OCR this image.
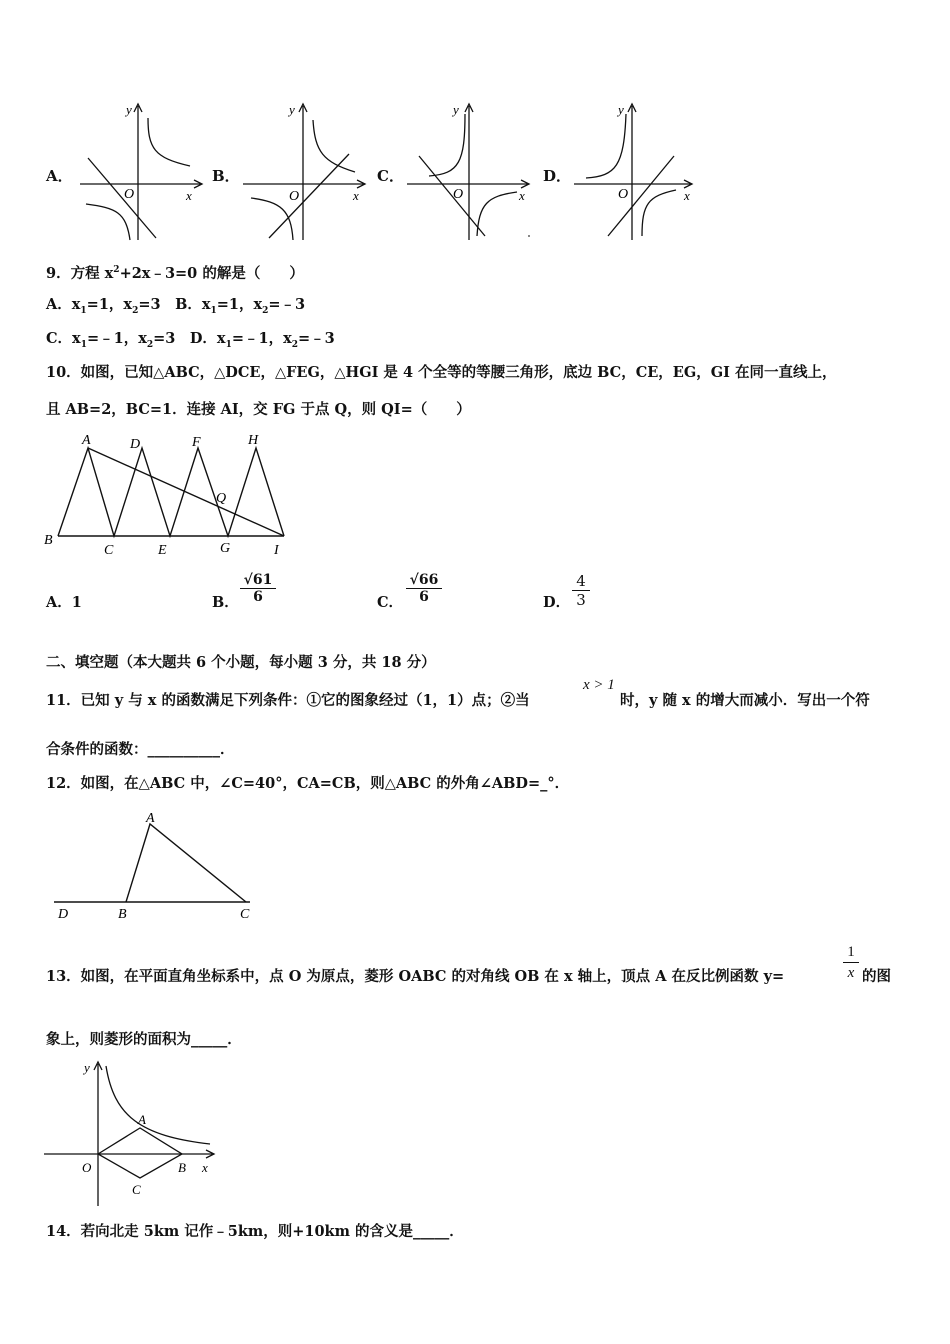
A．	B．	C．	D．
y
x
O
y
x
O
y
x
O
y
x
O
9．方程 $x^2+2x﹣3=0$ 的解是（　　）
A．$x_1=1$，$x_2=3$　B．$x_1=1$，$x_2=﹣3$
C．$x_1=﹣1$，$x_2=3$　D．$x_1=﹣1$，$x_2=﹣3$
10．如图，已知△ABC，△DCE，△FEG，△HGI 是 4 个全等的等腰三角形，底边 BC，CE，EG，GI 在同一直线上，
且 AB=2，BC=1．连接 AI，交 FG 于点 Q，则 QI=（　　）
A	D	F	H
Q
B
C	E	G	I
A．1	B． $\frac{√61}{6}$	C． $\frac{√66}{6}$	D． $\frac{4}{3}$
二、填空题（本大题共 6 个小题，每小题 3 分，共 18 分）
11．已知 y 与 x 的函数满足下列条件：①它的图象经过（1，1）点；②当
x > 1
时，y 随 x 的增大而减小．写出一个符
合条件的函数：__________．
12．如图，在△ABC 中，∠C=40°，CA=CB，则△ABC 的外角∠ABD=_°．
A
D	B	C
13．如图，在平面直角坐标系中，点 O 为原点，菱形 OABC 的对角线 OB 在 x 轴上，顶点 A 在反比例函数 y=	$\frac{1}{x}$ 的图
象上，则菱形的面积为_____．
y
A
O	B x
C
14．若向北走 5km 记作﹣5km，则+10km 的含义是_____．
